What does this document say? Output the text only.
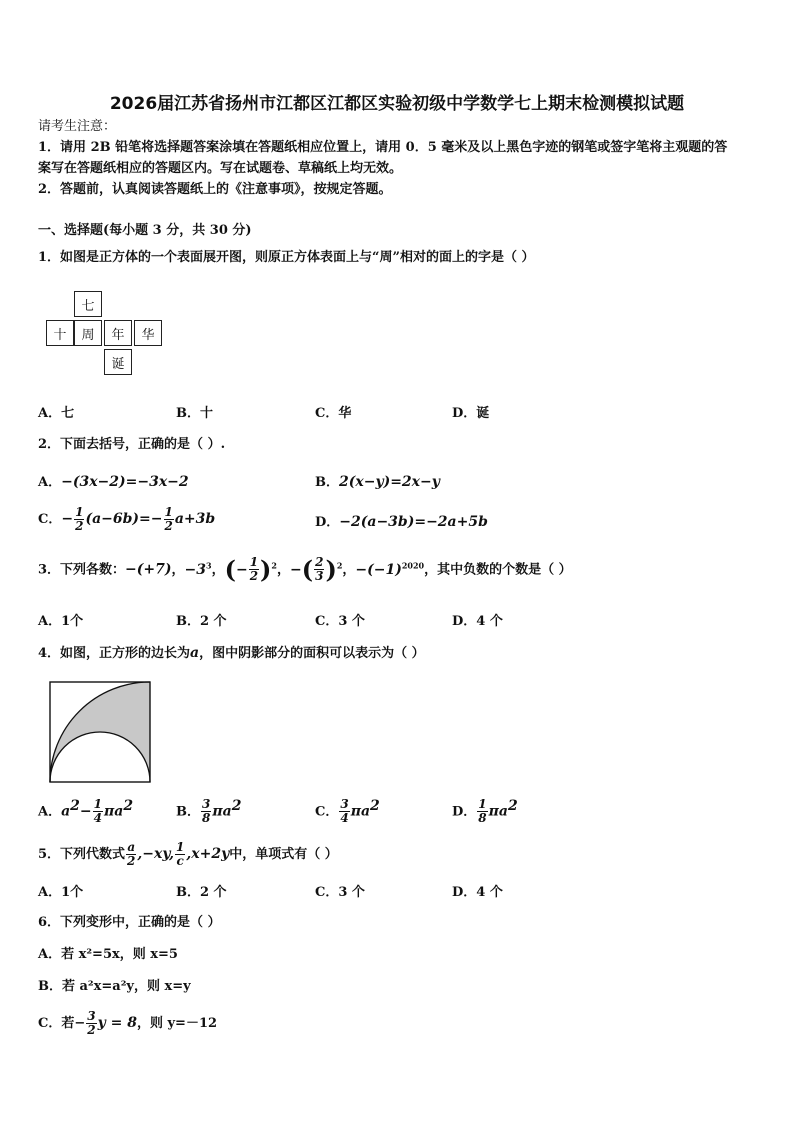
2026届江苏省扬州市江都区江都区实验初级中学数学七上期末检测模拟试题
请考生注意：
1．请用 2B 铅笔将选择题答案涂填在答题纸相应位置上，请用 0．5 毫米及以上黑色字迹的钢笔或签字笔将主观题的答
案写在答题纸相应的答题区内。写在试题卷、草稿纸上均无效。
2．答题前，认真阅读答题纸上的《注意事项》，按规定答题。
一、选择题(每小题 3 分，共 30 分)
1．如图是正方体的一个表面展开图，则原正方体表面上与“周”相对的面上的字是（ ）
七
十	周	年	华
诞
A．七	B．十	C．华	D．诞
2．下面去括号，正确的是（ ）.
A．−(3x−2)=−3x−2	B．2(x−y)=2x−y
C．− $\frac{1}{2} (a-6b)=- \frac{1}{2} a+3b$	D．−2(a−3b)=−2a+5b
3．下列各数：−(+7)，$-3^3$，(− $\frac{1}{2} )^2$，−( $\frac{2}{3} )^2$，$-(-1)^{2020}$，其中负数的个数是（ ）
A．1个	B．2 个	C．3 个	D．4 个
4．如图，正方形的边长为a，图中阴影部分的面积可以表示为（ ）
A．$a^2- \frac{1}{4} \pi a^2$	B． $\frac{3}{8} \pi a^2$	C． $\frac{3}{4} \pi a^2$	D． $\frac{1}{8} \pi a^2$
5．下列代数式 $\frac{a}{2} ,-xy$, $\frac{1}{c} ,x+2y$中，单项式有（ ）
A．1个	B．2 个	C．3 个	D．4 个
6．下列变形中，正确的是（ ）
A．若 x²=5x，则 x=5
B．若 a²x=a²y，则 x=y
C．若− $\frac{3}{2}$ y = 8，则 y=－12
